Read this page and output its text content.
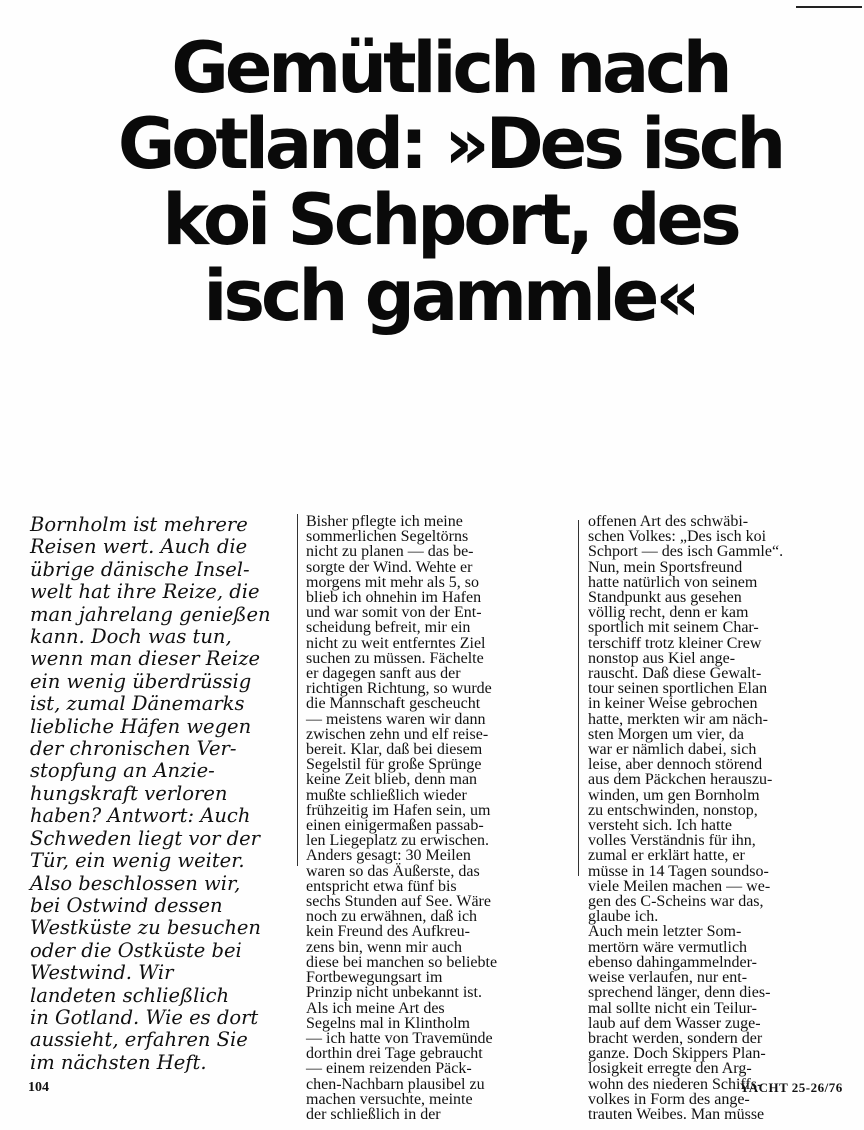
Gemütlich nach
Gotland: »Des isch
koi Schport, des
isch gammle«
Bornholm ist mehrere
Reisen wert. Auch die
übrige dänische Insel-
welt hat ihre Reize, die
man jahrelang genießen
kann. Doch was tun,
wenn man dieser Reize
ein wenig überdrüssig
ist, zumal Dänemarks
liebliche Häfen wegen
der chronischen Ver-
stopfung an Anzie-
hungskraft verloren
haben? Antwort: Auch
Schweden liegt vor der
Tür, ein wenig weiter.
Also beschlossen wir,
bei Ostwind dessen
Westküste zu besuchen
oder die Ostküste bei
Westwind. Wir
landeten schließlich
in Gotland. Wie es dort
aussieht, erfahren Sie
im nächsten Heft.
Bisher pflegte ich meine
sommerlichen Segeltörns
nicht zu planen — das be-
sorgte der Wind. Wehte er
morgens mit mehr als 5, so
blieb ich ohnehin im Hafen
und war somit von der Ent-
scheidung befreit, mir ein
nicht zu weit entferntes Ziel
suchen zu müssen. Fächelte
er dagegen sanft aus der
richtigen Richtung, so wurde
die Mannschaft gescheucht
— meistens waren wir dann
zwischen zehn und elf reise-
bereit. Klar, daß bei diesem
Segelstil für große Sprünge
keine Zeit blieb, denn man
mußte schließlich wieder
frühzeitig im Hafen sein, um
einen einigermaßen passab-
len Liegeplatz zu erwischen.
Anders gesagt: 30 Meilen
waren so das Äußerste, das
entspricht etwa fünf bis
sechs Stunden auf See. Wäre
noch zu erwähnen, daß ich
kein Freund des Aufkreu-
zens bin, wenn mir auch
diese bei manchen so beliebte
Fortbewegungsart im
Prinzip nicht unbekannt ist.
Als ich meine Art des
Segelns mal in Klintholm
— ich hatte von Travemünde
dorthin drei Tage gebraucht
— einem reizenden Päck-
chen-Nachbarn plausibel zu
machen versuchte, meinte
der schließlich in der
offenen Art des schwäbi-
schen Volkes: „Des isch koi
Schport — des isch Gammle“.
Nun, mein Sportsfreund
hatte natürlich von seinem
Standpunkt aus gesehen
völlig recht, denn er kam
sportlich mit seinem Char-
terschiff trotz kleiner Crew
nonstop aus Kiel ange-
rauscht. Daß diese Gewalt-
tour seinen sportlichen Elan
in keiner Weise gebrochen
hatte, merkten wir am näch-
sten Morgen um vier, da
war er nämlich dabei, sich
leise, aber dennoch störend
aus dem Päckchen herauszu-
winden, um gen Bornholm
zu entschwinden, nonstop,
versteht sich. Ich hatte
volles Verständnis für ihn,
zumal er erklärt hatte, er
müsse in 14 Tagen soundso-
viele Meilen machen — we-
gen des C-Scheins war das,
glaube ich.
Auch mein letzter Som-
mertörn wäre vermutlich
ebenso dahingammelnder-
weise verlaufen, nur ent-
sprechend länger, denn dies-
mal sollte nicht ein Teilur-
laub auf dem Wasser zuge-
bracht werden, sondern der
ganze. Doch Skippers Plan-
losigkeit erregte den Arg-
wohn des niederen Schiffs-
volkes in Form des ange-
trauten Weibes. Man müsse
104	YACHT 25-26/76
